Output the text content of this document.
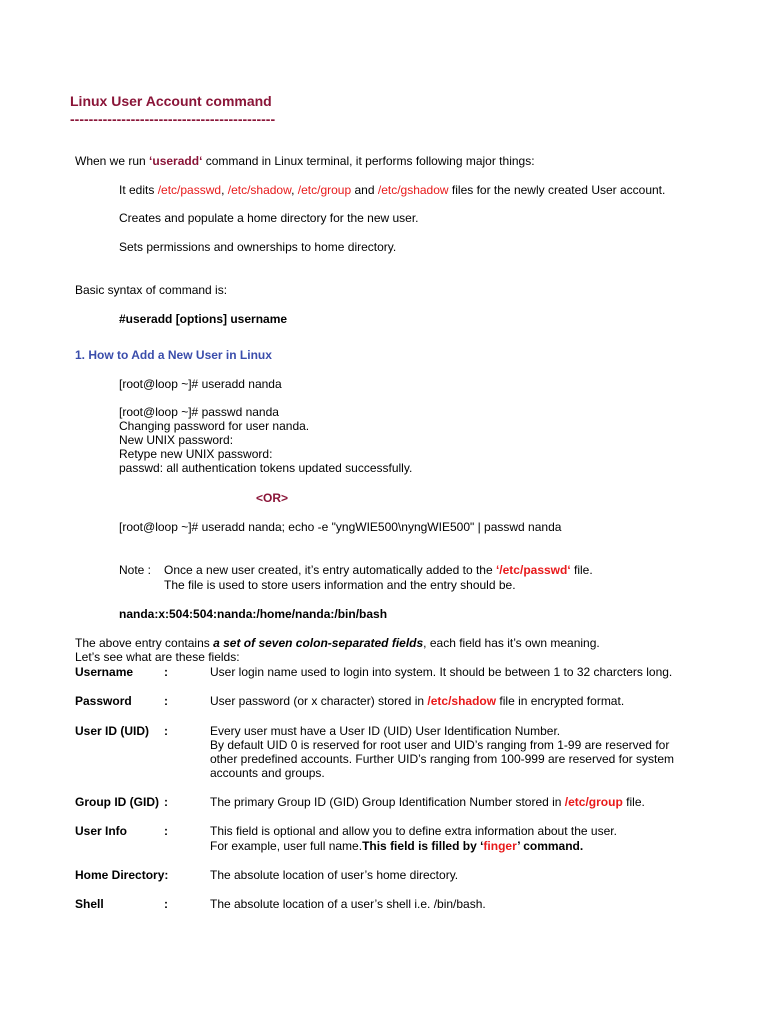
Linux User Account command
--------------------------------------------
When we run ‘useradd‘ command in Linux terminal, it performs following major things:
It edits /etc/passwd, /etc/shadow, /etc/group and /etc/gshadow files for the newly created User account.
Creates and populate a home directory for the new user.
Sets permissions and ownerships to home directory.
Basic syntax of command is:
#useradd [options] username
1. How to Add a New User in Linux
[root@loop ~]# useradd nanda
[root@loop ~]# passwd nanda
Changing password for user nanda.
New UNIX password:
Retype new UNIX password:
passwd: all authentication tokens updated successfully.
<OR>
[root@loop ~]# useradd nanda; echo -e "yngWIE500\nyngWIE500" | passwd nanda
Note : Once a new user created, it’s entry automatically added to the ‘/etc/passwd‘ file.
The file is used to store users information and the entry should be.
nanda:x:504:504:nanda:/home/nanda:/bin/bash
The above entry contains a set of seven colon-separated fields, each field has it’s own meaning.
Let’s see what are these fields:
Username	:	User login name used to login into system. It should be between 1 to 32 charcters long.
Password	:	User password (or x character) stored in /etc/shadow file in encrypted format.
User ID (UID) :	Every user must have a User ID (UID) User Identification Number.
By default UID 0 is reserved for root user and UID’s ranging from 1-99 are reserved for
other predefined accounts. Further UID’s ranging from 100-999 are reserved for system
accounts and groups.
Group ID (GID) :	The primary Group ID (GID) Group Identification Number stored in /etc/group file.
User Info	:	This field is optional and allow you to define extra information about the user.
For example, user full name.This field is filled by ‘finger’ command.
Home Directory:	The absolute location of user’s home directory.
Shell	:	The absolute location of a user’s shell i.e. /bin/bash.
